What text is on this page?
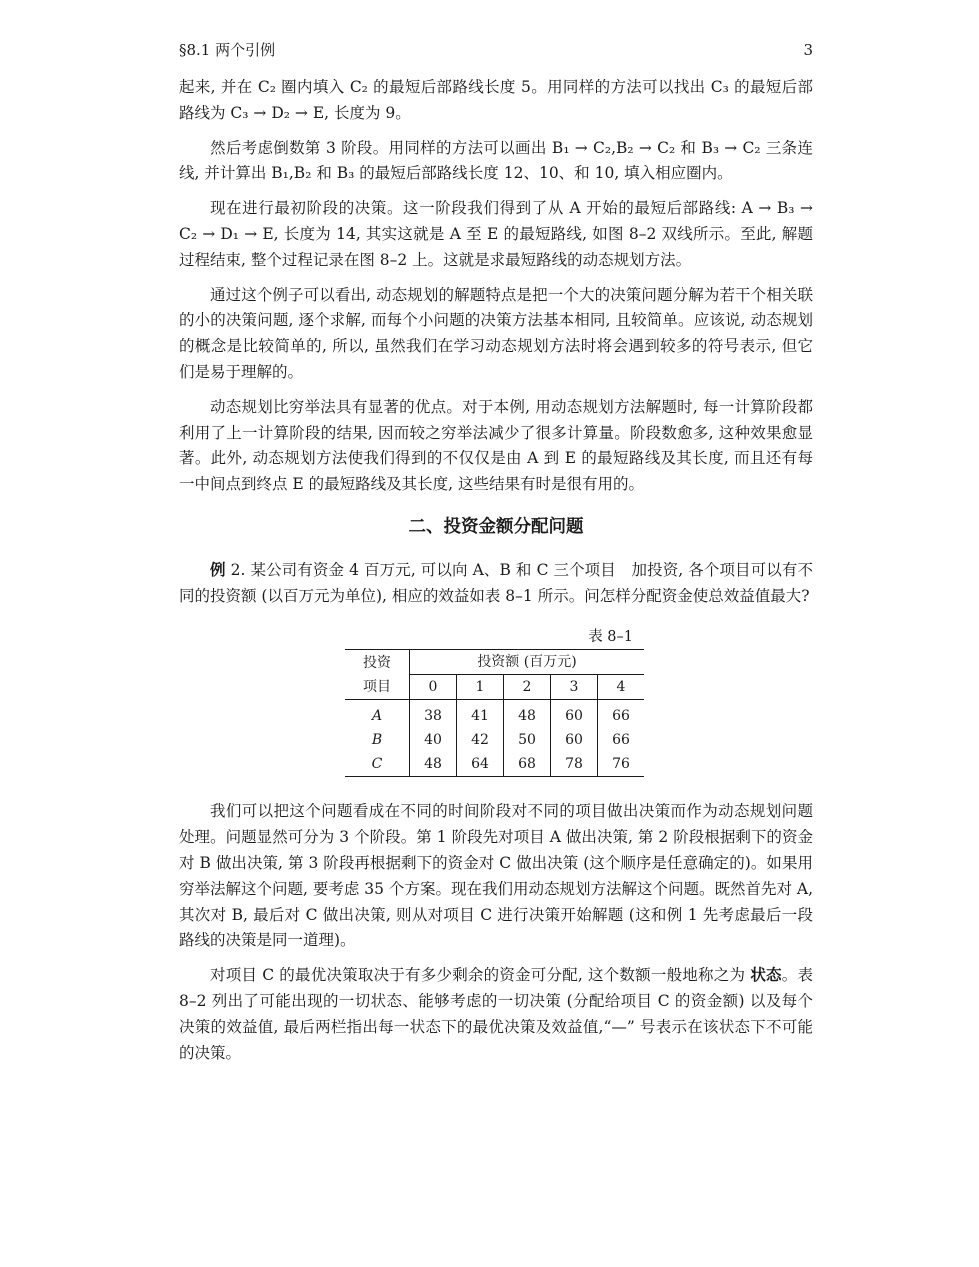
§8.1 两个引例	3

起来, 并在 C₂ 圈内填入 C₂ 的最短后部路线长度 5。用同样的方法可以找出 C₃ 的最短后部路线为 C₃ → D₂ → E, 长度为 9。

然后考虑倒数第 3 阶段。用同样的方法可以画出 B₁ → C₂,B₂ → C₂ 和 B₃ → C₂ 三条连线, 并计算出 B₁,B₂ 和 B₃ 的最短后部路线长度 12、10、和 10, 填入相应圈内。

现在进行最初阶段的决策。这一阶段我们得到了从 A 开始的最短后部路线: A → B₃ → C₂ → D₁ → E, 长度为 14, 其实这就是 A 至 E 的最短路线, 如图 8–2 双线所示。至此, 解题过程结束, 整个过程记录在图 8–2 上。这就是求最短路线的动态规划方法。

通过这个例子可以看出, 动态规划的解题特点是把一个大的决策问题分解为若干个相关联的小的决策问题, 逐个求解, 而每个小问题的决策方法基本相同, 且较简单。应该说, 动态规划的概念是比较简单的, 所以, 虽然我们在学习动态规划方法时将会遇到较多的符号表示, 但它们是易于理解的。

动态规划比穷举法具有显著的优点。对于本例, 用动态规划方法解题时, 每一计算阶段都利用了上一计算阶段的结果, 因而较之穷举法减少了很多计算量。阶段数愈多, 这种效果愈显著。此外, 动态规划方法使我们得到的不仅仅是由 A 到 E 的最短路线及其长度, 而且还有每一中间点到终点 E 的最短路线及其长度, 这些结果有时是很有用的。

二、投资金额分配问题

例 2. 某公司有资金 4 百万元, 可以向 A、B 和 C 三个项目　加投资, 各个项目可以有不同的投资额 (以百万元为单位), 相应的效益如表 8–1 所示。问怎样分配资金使总效益值最大?

表 8–1
投资	投资额 (百万元)				
项目	0	1	2	3	4
A	38	41	48	60	66
B	40	42	50	60	66
C	48	64	68	78	76

我们可以把这个问题看成在不同的时间阶段对不同的项目做出决策而作为动态规划问题处理。问题显然可分为 3 个阶段。第 1 阶段先对项目 A 做出决策, 第 2 阶段根据剩下的资金对 B 做出决策, 第 3 阶段再根据剩下的资金对 C 做出决策 (这个顺序是任意确定的)。如果用穷举法解这个问题, 要考虑 35 个方案。现在我们用动态规划方法解这个问题。既然首先对 A, 其次对 B, 最后对 C 做出决策, 则从对项目 C 进行决策开始解题 (这和例 1 先考虑最后一段路线的决策是同一道理)。

对项目 C 的最优决策取决于有多少剩余的资金可分配, 这个数额一般地称之为 状态。表 8–2 列出了可能出现的一切状态、能够考虑的一切决策 (分配给项目 C 的资金额) 以及每个决策的效益值, 最后两栏指出每一状态下的最优决策及效益值,“—” 号表示在该状态下不可能的决策。
